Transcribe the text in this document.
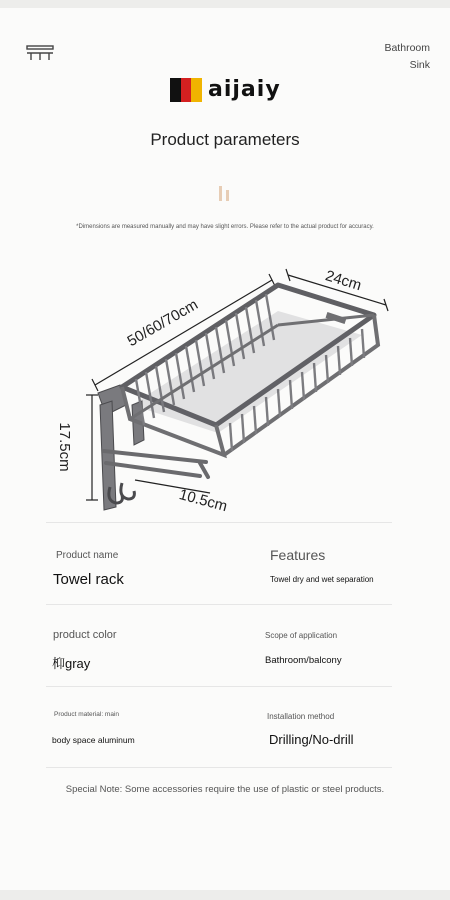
Bathroom
Sink
aijaiy
Product parameters
*Dimensions are measured manually and may have slight errors. Please refer to the actual product for accuracy.
50/60/70cm
24cm
17.5cm
10.5cm
Product name
Towel rack
Features
Towel dry and wet separation
product color
枊gray
Scope of application
Bathroom/balcony
Product material: main
body space aluminum
Installation method
Drilling/No-drill
Special Note: Some accessories require the use of plastic or steel products.
